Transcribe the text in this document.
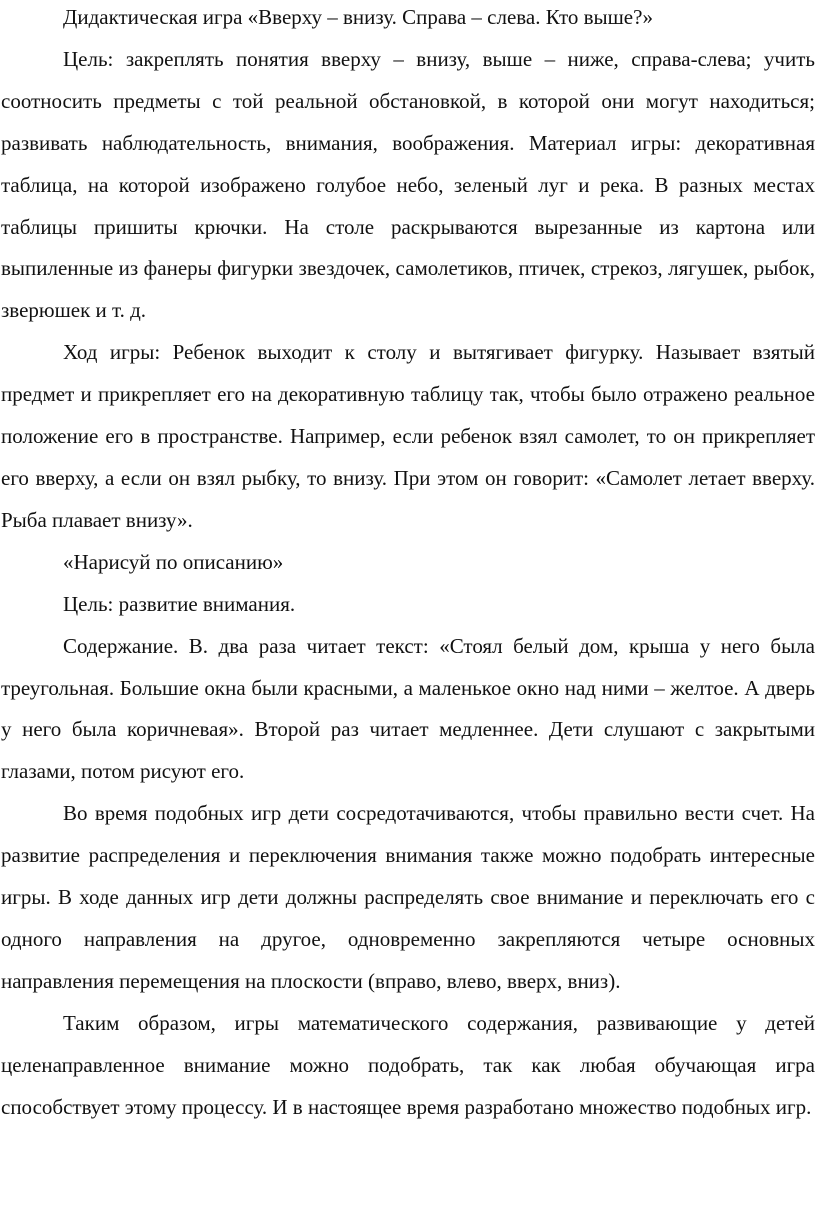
Дидактическая игра «Вверху – внизу. Справа – слева. Кто выше?»

Цель: закреплять понятия вверху – внизу, выше – ниже, справа-слева; учить соотносить предметы с той реальной обстановкой, в которой они могут находиться; развивать наблюдательность, внимания, воображения. Материал игры: декоративная таблица, на которой изображено голубое небо, зеленый луг и река. В разных местах таблицы пришиты крючки. На столе раскрываются вырезанные из картона или выпиленные из фанеры фигурки звездочек, самолетиков, птичек, стрекоз, лягушек, рыбок, зверюшек и т. д.

Ход игры: Ребенок выходит к столу и вытягивает фигурку. Называет взятый предмет и прикрепляет его на декоративную таблицу так, чтобы было отражено реальное положение его в пространстве. Например, если ребенок взял самолет, то он прикрепляет его вверху, а если он взял рыбку, то внизу. При этом он говорит: «Самолет летает вверху. Рыба плавает внизу».

«Нарисуй по описанию»

Цель: развитие внимания.

Содержание. В. два раза читает текст: «Стоял белый дом, крыша у него была треугольная. Большие окна были красными, а маленькое окно над ними – желтое. А дверь у него была коричневая». Второй раз читает медленнее. Дети слушают с закрытыми глазами, потом рисуют его.

Во время подобных игр дети сосредотачиваются, чтобы правильно вести счет. На развитие распределения и переключения внимания также можно подобрать интересные игры. В ходе данных игр дети должны распределять свое внимание и переключать его с одного направления на другое, одновременно закрепляются четыре основных направления перемещения на плоскости (вправо, влево, вверх, вниз).

Таким образом, игры математического содержания, развивающие у детей целенаправленное внимание можно подобрать, так как любая обучающая игра способствует этому процессу. И в настоящее время разработано множество подобных игр.
